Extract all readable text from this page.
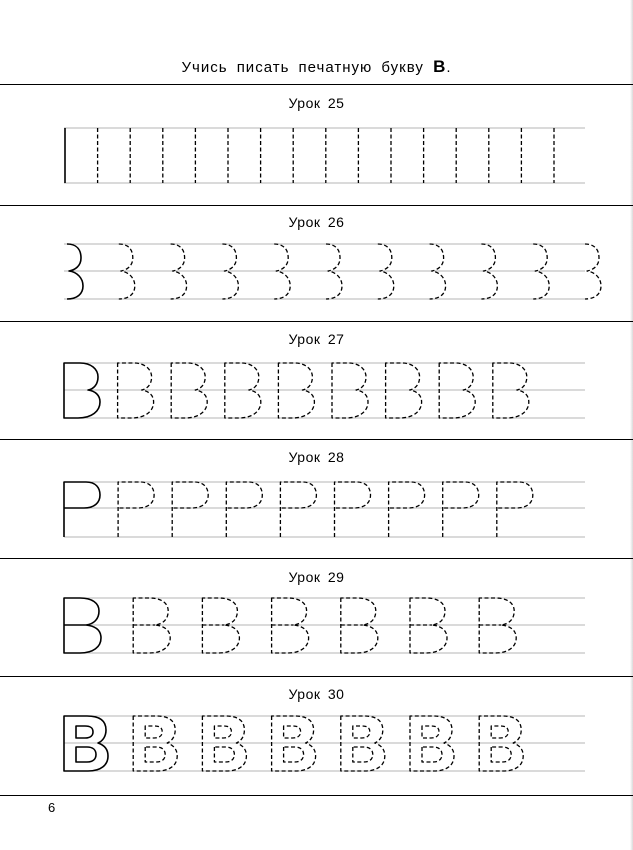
Учись писать печатную букву В.
Урок 25
Урок 26
Урок 27
Урок 28
Урок 29
Урок 30
6
